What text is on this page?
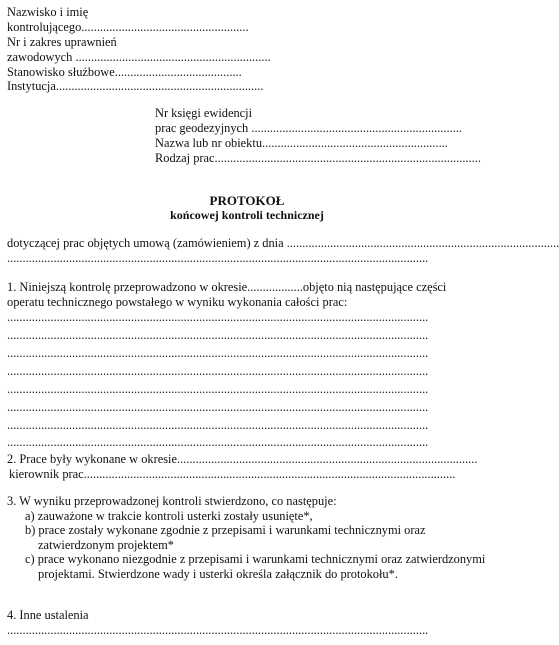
Nazwisko i imię
kontrolującego......................................................
Nr i zakres uprawnień
zawodowych ...............................................................
Stanowisko służbowe.........................................
Instytucja...................................................................
Nr księgi ewidencji
prac geodezyjnych ....................................................................
Nazwa lub nr obiektu............................................................
Rodzaj prac......................................................................................
PROTOKOŁ
końcowej kontroli technicznej
dotyczącej prac objętych umową (zamówieniem) z dnia ........................................................................................
........................................................................................................................................
1. Niniejszą kontrolę przeprowadzono w okresie..................objęto nią następujące części
operatu technicznego powstałego w wyniku wykonania całości prac:
........................................................................................................................................
........................................................................................................................................
........................................................................................................................................
........................................................................................................................................
........................................................................................................................................
........................................................................................................................................
........................................................................................................................................
........................................................................................................................................
2. Prace były wykonane w okresie.................................................................................................
kierownik prac........................................................................................................................
3. W wyniku przeprowadzonej kontroli stwierdzono, co następuje:
a) zauważone w trakcie kontroli usterki zostały usunięte*,
b) prace zostały wykonane zgodnie z przepisami i warunkami technicznymi oraz
zatwierdzonym projektem*
c) prace wykonano niezgodnie z przepisami i warunkami technicznymi oraz zatwierdzonymi
projektami. Stwierdzone wady i usterki określa załącznik do protokołu*.
4. Inne ustalenia
........................................................................................................................................
